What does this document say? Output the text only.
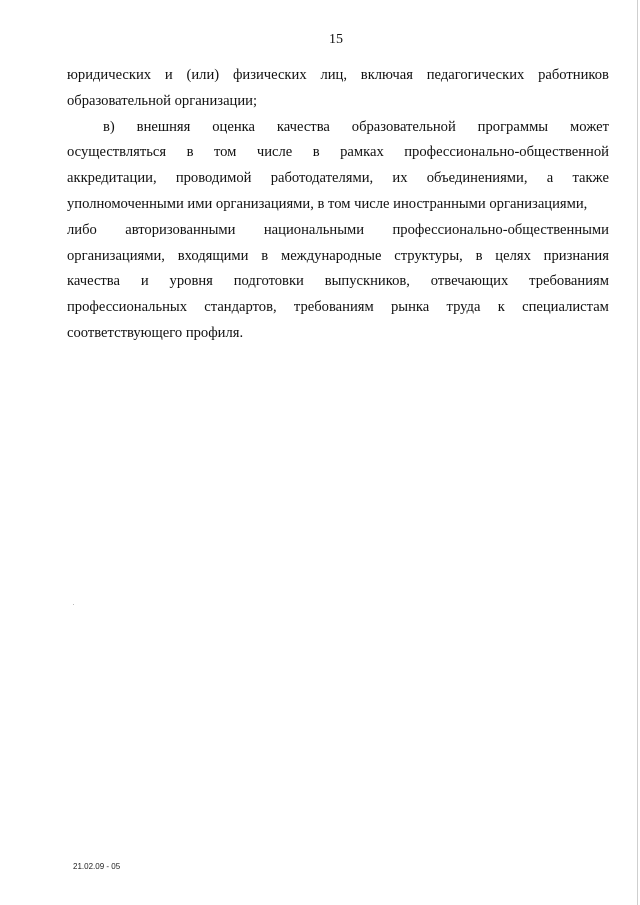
15
юридических и (или) физических лиц, включая педагогических работников
образовательной организации;
в) внешняя оценка качества образовательной программы может
осуществляться в том числе в рамках профессионально-общественной
аккредитации, проводимой работодателями, их объединениями, а также
уполномоченными ими организациями, в том числе иностранными организациями,
либо авторизованными национальными профессионально-общественными
организациями, входящими в международные структуры, в целях признания
качества и уровня подготовки выпускников, отвечающих требованиям
профессиональных стандартов, требованиям рынка труда к специалистам
соответствующего профиля.
21.02.09 - 05
